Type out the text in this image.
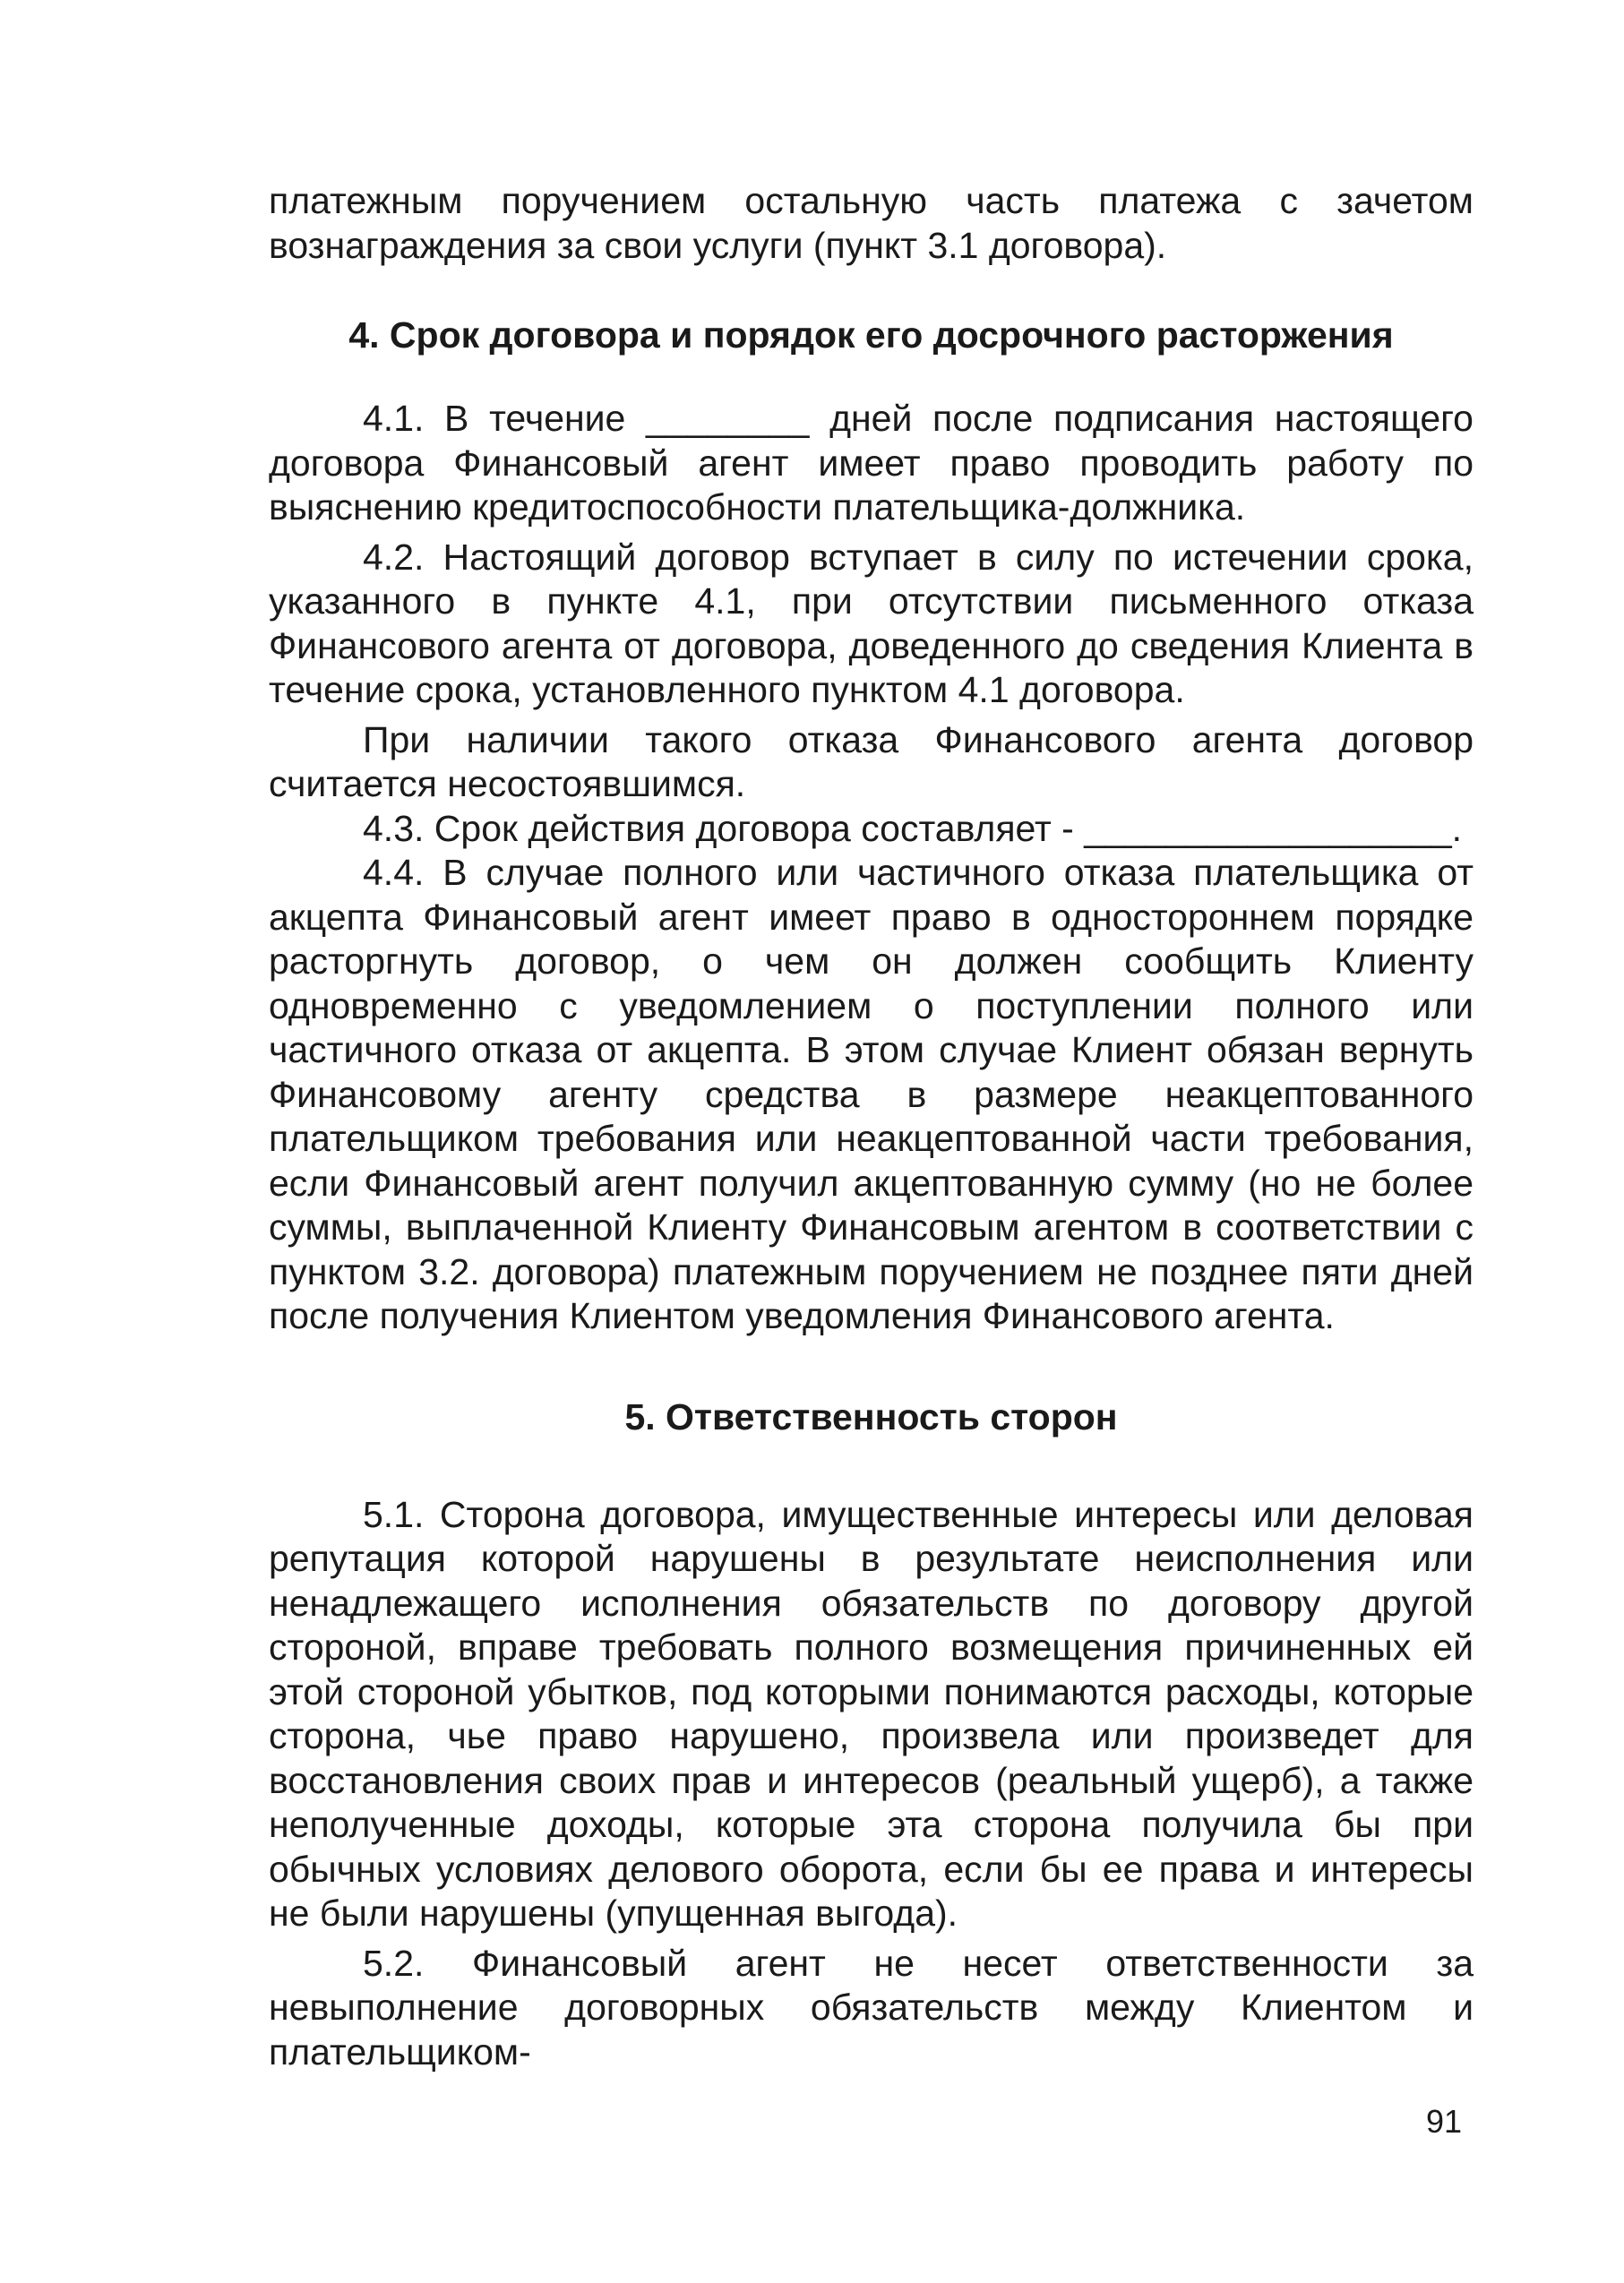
платежным поручением остальную часть платежа с зачетом вознаграждения за свои услуги (пункт 3.1 договора).

4. Срок договора и порядок его досрочного расторжения

4.1. В течение ________ дней после подписания настоящего договора Финансовый агент имеет право проводить работу по выяснению кредитоспособности плательщика-должника.

4.2. Настоящий договор вступает в силу по истечении срока, указанного в пункте 4.1, при отсутствии письменного отказа Финансового агента от договора, доведенного до сведения Клиента в течение срока, установленного пунктом 4.1 договора.

При наличии такого отказа Финансового агента договор считается несостоявшимся.

4.3. Срок действия договора составляет - __________________.

4.4. В случае полного или частичного отказа плательщика от акцепта Финансовый агент имеет право в одностороннем порядке расторгнуть договор, о чем он должен сообщить Клиенту одновременно с уведомлением о поступлении полного или частичного отказа от акцепта. В этом случае Клиент обязан вернуть Финансовому агенту средства в размере неакцептованного плательщиком требования или неакцептованной части требования, если Финансовый агент получил акцептованную сумму (но не более суммы, выплаченной Клиенту Финансовым агентом в соответствии с пунктом 3.2. договора) платежным поручением не позднее пяти дней после получения Клиентом уведомления Финансового агента.

5. Ответственность сторон

5.1. Сторона договора, имущественные интересы или деловая репутация которой нарушены в результате неисполнения или ненадлежащего исполнения обязательств по договору другой стороной, вправе требовать полного возмещения причиненных ей этой стороной убытков, под которыми понимаются расходы, которые сторона, чье право нарушено, произвела или произведет для восстановления своих прав и интересов (реальный ущерб), а также неполученные доходы, которые эта сторона получила бы при обычных условиях делового оборота, если бы ее права и интересы не были нарушены (упущенная выгода).

5.2. Финансовый агент не несет ответственности за невыполнение договорных обязательств между Клиентом и плательщиком-

91
